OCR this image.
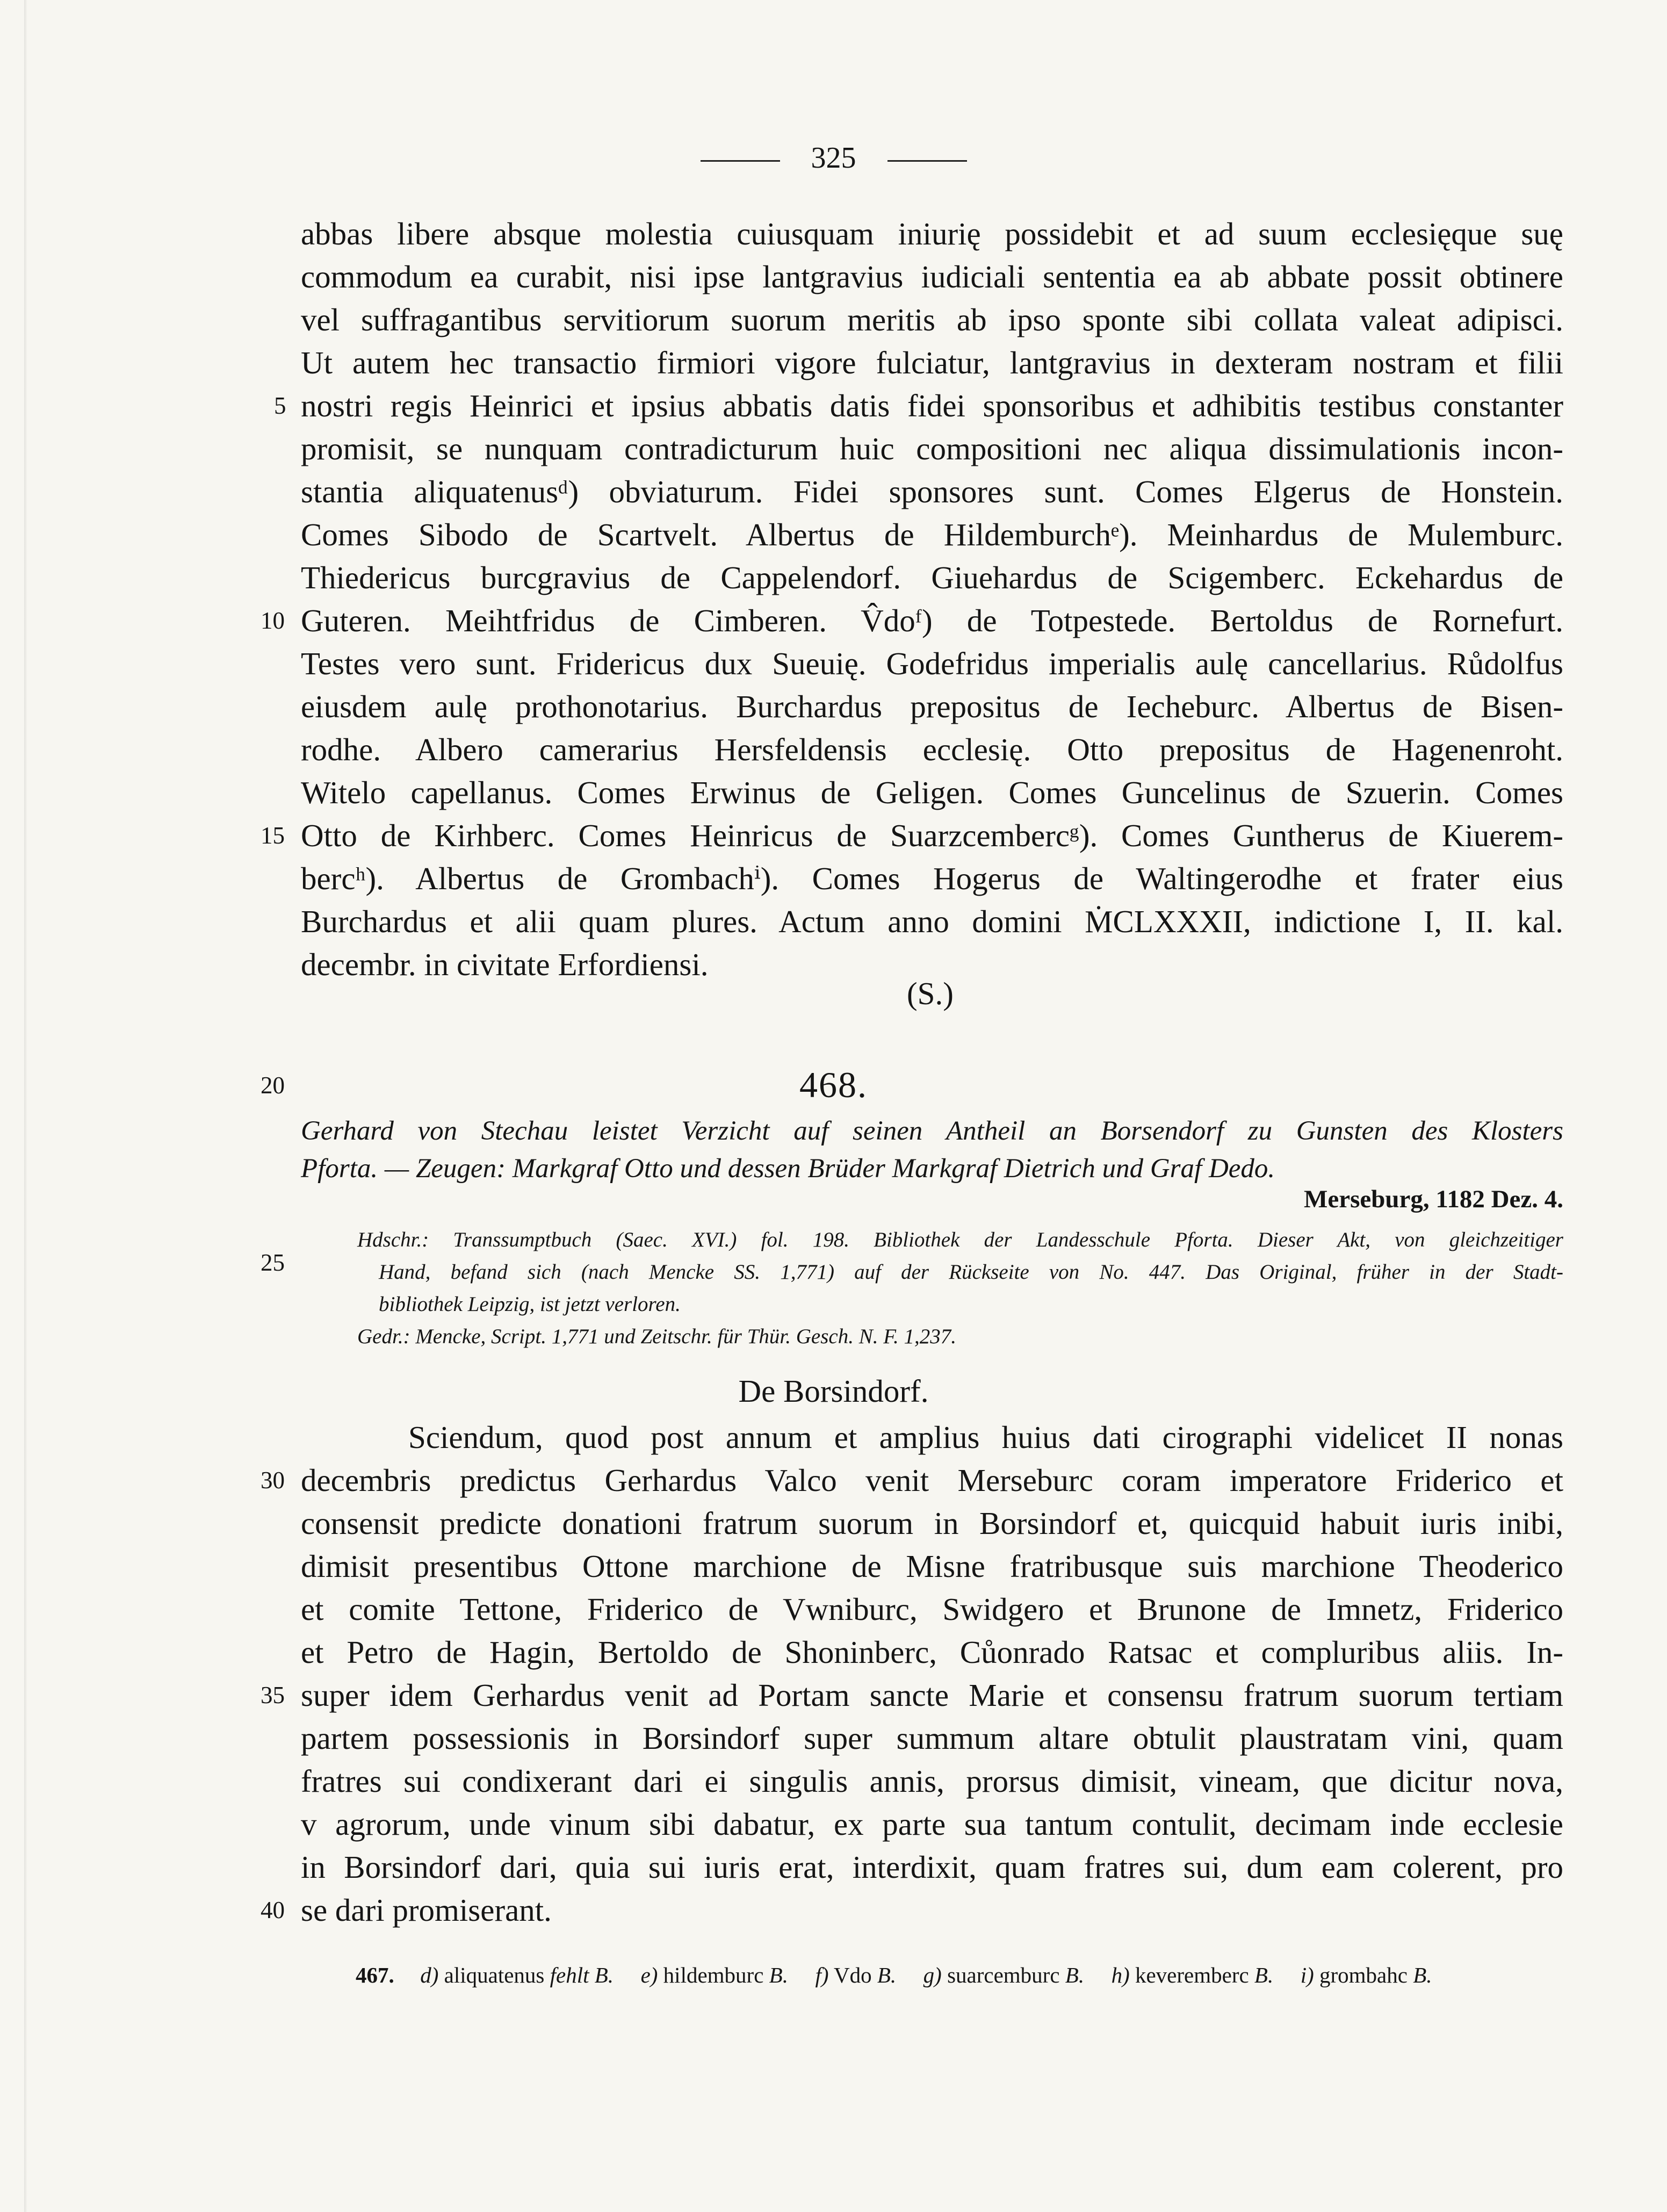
325
abbas libere absque molestia cuiusquam iniurię possidebit et ad suum ecclesięque suę
commodum ea curabit, nisi ipse lantgravius iudiciali sententia ea ab abbate possit obtinere
vel suffragantibus servitiorum suorum meritis ab ipso sponte sibi collata valeat adipisci.
Ut autem hec transactio firmiori vigore fulciatur, lantgravius in dexteram nostram et filii
nostri regis Heinrici et ipsius abbatis datis fidei sponsoribus et adhibitis testibus constanter
promisit, se nunquam contradicturum huic compositioni nec aliqua dissimulationis incon-
stantia aliquatenusᵈ) obviaturum. Fidei sponsores sunt. Comes Elgerus de Honstein.
Comes Sibodo de Scartvelt. Albertus de Hildemburchᵉ). Meinhardus de Mulemburc.
Thiedericus burcgravius de Cappelendorf. Giuehardus de Scigemberc. Eckehardus de
Guteren. Meihtfridus de Cimberen. V̂doᶠ) de Totpestede. Bertoldus de Rornefurt.
Testes vero sunt. Fridericus dux Sueuię. Godefridus imperialis aulę cancellarius. Růdolfus
eiusdem aulę prothonotarius. Burchardus prepositus de Iecheburc. Albertus de Bisen-
rodhe. Albero camerarius Hersfeldensis ecclesię. Otto prepositus de Hagenenroht.
Witelo capellanus. Comes Erwinus de Geligen. Comes Guncelinus de Szuerin. Comes
Otto de Kirhberc. Comes Heinricus de Suarzcembercᵍ). Comes Guntherus de Kiuerem-
bercʰ). Albertus de Grombachⁱ). Comes Hogerus de Waltingerodhe et frater eius
Burchardus et alii quam plures. Actum anno domini ṀCLXXXII, indictione I, II. kal.
decembr. in civitate Erfordiensi.
(S.)
5
10
15
20
25
30
35
40
468.
Gerhard von Stechau leistet Verzicht auf seinen Antheil an Borsendorf zu Gunsten des Klosters
Pforta. — Zeugen: Markgraf Otto und dessen Brüder Markgraf Dietrich und Graf Dedo.
Merseburg, 1182 Dez. 4.
Hdschr.: Transsumptbuch (Saec. XVI.) fol. 198. Bibliothek der Landesschule Pforta. Dieser Akt, von gleichzeitiger
Hand, befand sich (nach Mencke SS. 1,771) auf der Rückseite von No. 447. Das Original, früher in der Stadt-
bibliothek Leipzig, ist jetzt verloren.
Gedr.: Mencke, Script. 1,771 und Zeitschr. für Thür. Gesch. N. F. 1,237.
De Borsindorf.
Sciendum, quod post annum et amplius huius dati cirographi videlicet II nonas
decembris predictus Gerhardus Valco venit Merseburc coram imperatore Friderico et
consensit predicte donationi fratrum suorum in Borsindorf et, quicquid habuit iuris inibi,
dimisit presentibus Ottone marchione de Misne fratribusque suis marchione Theoderico
et comite Tettone, Friderico de Vwniburc, Swidgero et Brunone de Imnetz, Friderico
et Petro de Hagin, Bertoldo de Shoninberc, Cůonrado Ratsac et compluribus aliis. In-
super idem Gerhardus venit ad Portam sancte Marie et consensu fratrum suorum tertiam
partem possessionis in Borsindorf super summum altare obtulit plaustratam vini, quam
fratres sui condixerant dari ei singulis annis, prorsus dimisit, vineam, que dicitur nova,
v agrorum, unde vinum sibi dabatur, ex parte sua tantum contulit, decimam inde ecclesie
in Borsindorf dari, quia sui iuris erat, interdixit, quam fratres sui, dum eam colerent, pro
se dari promiserant.
467. d) aliquatenus fehlt B. e) hildemburc B. f) Vdo B. g) suarcemburc B. h) keveremberc B. i) grombahc B.
